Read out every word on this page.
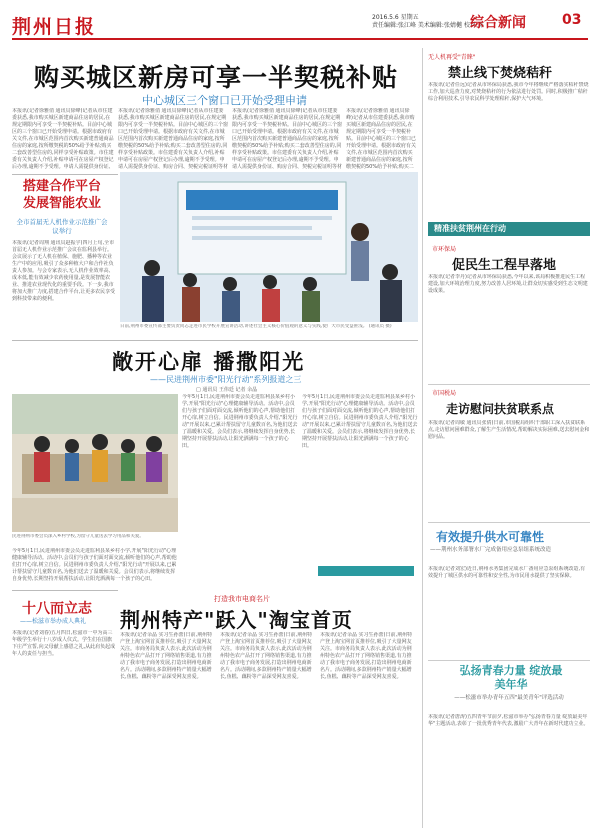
荆州日报	2016.5.6 星期五
责任编辑:张江峰 美术编辑:张婧樾 校对:邓
综合新闻	03
购买城区新房可享一半契税补贴
中心城区三个窗口已开始受理申请
本报讯(记者徐雅俏 通讯员徐峰)记者从市住建委获悉,我市购买城区新建商品住房的居民,在规定期限内可享受一半契税补贴。目前中心城区的三个窗口已开始受理申请。根据市政府有关文件,在市城区范围内首次购买新建普通商品住房的家庭,按所缴契税的50%给予补贴;购买二套改善型住房的,同样享受补贴政策。市住建委有关负责人介绍,补贴申请可在房屋产权登记后办理,逾期不予受理。申请人需提供身份证、
本报讯(记者徐雅俏 通讯员徐峰)记者从市住建委获悉,我市购买城区新建商品住房的居民,在规定期限内可享受一半契税补贴。目前中心城区的三个窗口已开始受理申请。根据市政府有关文件,在市城区范围内首次购买新建普通商品住房的家庭,按所缴契税的50%给予补贴;购买二套改善型住房的,同样享受补贴政策。市住建委有关负责人介绍,补贴申请可在房屋产权登记后办理,逾期不予受理。申请人需提供身份证、购房合同、契税完税证明等材
本报讯(记者徐雅俏 通讯员徐峰)记者从市住建委获悉,我市购买城区新建商品住房的居民,在规定期限内可享受一半契税补贴。目前中心城区的三个窗口已开始受理申请。根据市政府有关文件,在市城区范围内首次购买新建普通商品住房的家庭,按所缴契税的50%给予补贴;购买二套改善型住房的,同样享受补贴政策。市住建委有关负责人介绍,补贴申请可在房屋产权登记后办理,逾期不予受理。申请人需提供身份证、购房合同、契税完税证明等材
本报讯(记者徐雅俏 通讯员徐峰)记者从市住建委获悉,我市购买城区新建商品住房的居民,在规定期限内可享受一半契税补贴。目前中心城区的三个窗口已开始受理申请。根据市政府有关文件,在市城区范围内首次购买新建普通商品住房的家庭,按所缴契税的50%给予补贴;购买二
搭建合作平台 发展智能农业
全市首届无人机作业示范推广会议举行
本报讯(记者周翔 通讯员赵振宇)四月上旬,全市首届无人机作业示范推广会议在监利县举行。会议展示了无人机在植保、施肥、播种等农业生产中的应用,吸引了众多种植大户和合作社负责人参加。与会专家表示,无人机作业效率高、成本低,能有效减少农药使用量,是发展智能农业、推进农业现代化的重要手段。下一步,我市将加大推广力度,搭建合作平台,让更多农民享受到科技带来的便利。
日前,荆州市委宣传部主要负责同志走进市民学校开展宣讲活动,讲述社会主义核心价值观的意义与实践,使广大市民受益匪浅。 (通讯员 摄)
敞开心扉 播撒阳光
——民进荆州市委"阳光行动"系列报道之三
□ 通讯员 王伟廷 记者 余晶
民进荆州市委会员深入乡村学校,为留守儿童送去学习用品和关爱。
今年5月1日,民进荆州市委会员走进监利县某乡村小学,开展"阳光行动"心理健康辅导活动。活动中,会员们与孩子们面对面交流,倾听他们的心声,帮助他们打开心扉,树立自信。民进荆州市委负责人介绍,"阳光行动"开展以来,已累计帮扶留守儿童数百名,为他们送去了温暖和关爱。会员们表示,将继续发挥自身优势,长期坚持开展帮扶活动,让阳光洒满每一个孩子的心田。
今年5月1日,民进荆州市委会员走进监利县某乡村小学,开展"阳光行动"心理健康辅导活动。活动中,会员们与孩子们面对面交流,倾听他们的心声,帮助他们打开心扉,树立自信。民进荆州市委负责人介绍,"阳光行动"开展以来,已累计帮扶留守儿童数百名,为他们送去了温暖和关爱。会员们表示,将继续发挥自身优势,长期坚持开展帮扶活动,让阳光洒满每一个孩子的心田。
今年5月1日,民进荆州市委会员走进监利县某乡村小学,开展"阳光行动"心理健康辅导活动。活动中,会员们与孩子们面对面交流,倾听他们的心声,帮助他们打开心扉,树立自信。民进荆州市委负责人介绍,"阳光行动"开展以来,已累计帮扶留守儿童数百名,为他们送去了温暖和关爱。会员们表示,将继续发挥自身优势,长期坚持开展帮扶活动,让阳光洒满每一个孩子的心田。
十八而立志
——松滋市举办成人典礼
本报讯(记者刘春)五月四日,松滋市一中为高三年级学生举行十八岁成人仪式。学生们在国旗下庄严宣誓,向父母献上感恩之礼,从此肩负起成年人的责任与担当。
打造我市电商名片
荆州特产"跃入"淘宝首页
本报讯(记者余晶 实习生孙蕾)日前,荆州特产登上淘宝网首页推荐位,吸引了大量网友关注。市商务局负责人表示,此次活动为荆州特色农产品打开了网络销售渠道,有力推动了我市电子商务发展,打造出荆州电商新名片。活动期间,多款荆州特产销量大幅增长,鱼糕、藕粉等产品深受网友喜爱。
本报讯(记者余晶 实习生孙蕾)日前,荆州特产登上淘宝网首页推荐位,吸引了大量网友关注。市商务局负责人表示,此次活动为荆州特色农产品打开了网络销售渠道,有力推动了我市电子商务发展,打造出荆州电商新名片。活动期间,多款荆州特产销量大幅增长,鱼糕、藕粉等产品深受网友喜爱。
本报讯(记者余晶 实习生孙蕾)日前,荆州特产登上淘宝网首页推荐位,吸引了大量网友关注。市商务局负责人表示,此次活动为荆州特色农产品打开了网络销售渠道,有力推动了我市电子商务发展,打造出荆州电商新名片。活动期间,多款荆州特产销量大幅增长,鱼糕、藕粉等产品深受网友喜爱。
无人机再受"青睐"
禁止线下焚烧秸秆
本报讯(记者任远)记者从市环保局获悉,我市今年将继续严格落实秸秆禁烧工作,加大巡查力度,对焚烧秸秆的行为依法进行处罚。同时,积极推广秸秆综合利用技术,引导农民科学处理秸秆,保护大气环境。
精准扶贫荆州在行动
市环保局
促民生工程早落地
本报讯(记者李丹)记者从市环保局获悉,今年以来,该局积极推进民生工程建设,加大环境治理力度,努力改善人居环境,让群众切实感受到生态文明建设成果。
市国税局
走访慰问扶贫联系点
本报讯(记者周敏 通讯员张倩)日前,市国税局组织干部职工深入扶贫联系点,走访慰问困难群众,了解生产生活情况,帮助解决实际困难,送去慰问金和慰问品。
有效提升供水可靠性
——荆州水务部署水厂完成备用应急泵组系统改造
本报讯(记者刘宏)近日,荆州水务集团完成水厂备用应急泵组系统改造,有效提升了城区供水的可靠性和安全性,为市民用水提供了坚实保障。
弘扬青春力量 绽放最美年华
——松滋市举办青年五四"最美青年"评选活动
本报讯(记者唐涛)五四青年节前夕,松滋市举办"弘扬青春力量 绽放最美年华"主题活动,表彰了一批优秀青年代表,激励广大青年在新时代建功立业。
